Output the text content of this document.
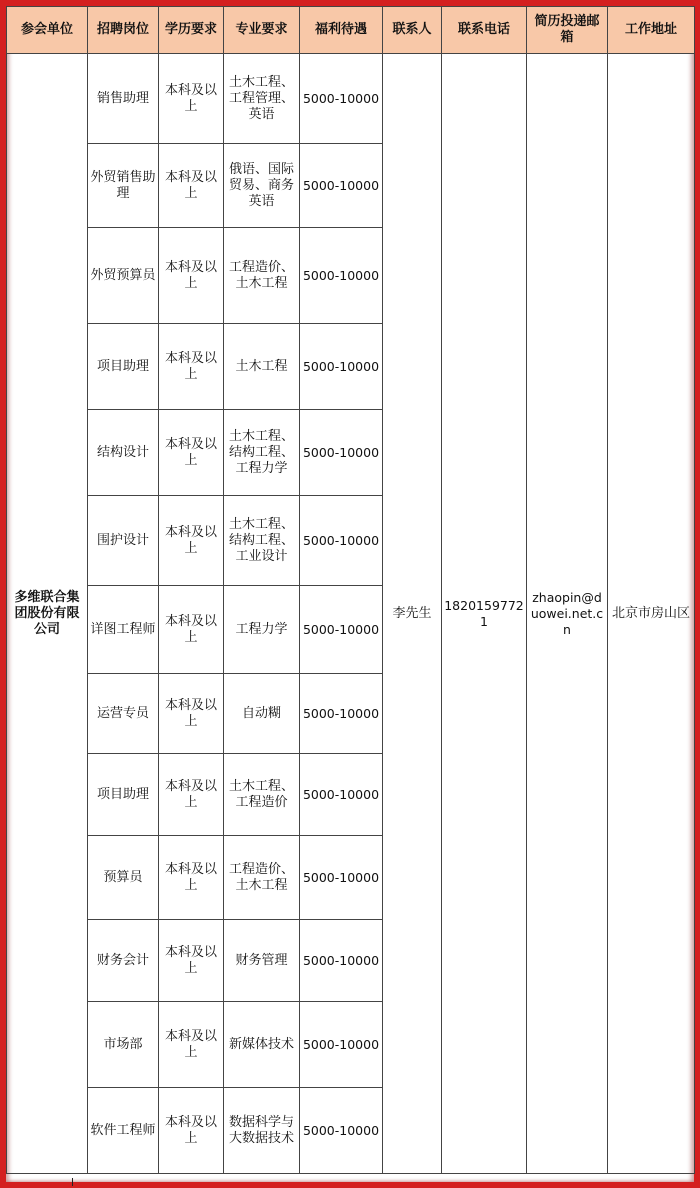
参会单位	招聘岗位	学历要求	专业要求	福利待遇	联系人	联系电话	简历投递邮箱	工作地址
多维联合集团股份有限公司	销售助理	本科及以上	土木工程、工程管理、英语	5000-10000	李先生	18201597721	zhaopin@duowei.net.cn	北京市房山区
	外贸销售助理	本科及以上	俄语、国际贸易、商务英语	5000-10000				
	外贸预算员	本科及以上	工程造价、土木工程	5000-10000				
	项目助理	本科及以上	土木工程	5000-10000				
	结构设计	本科及以上	土木工程、结构工程、工程力学	5000-10000				
	围护设计	本科及以上	土木工程、结构工程、工业设计	5000-10000				
	详图工程师	本科及以上	工程力学	5000-10000				
	运营专员	本科及以上	自动糊	5000-10000				
	项目助理	本科及以上	土木工程、工程造价	5000-10000				
	预算员	本科及以上	工程造价、土木工程	5000-10000				
	财务会计	本科及以上	财务管理	5000-10000				
	市场部	本科及以上	新媒体技术	5000-10000				
	软件工程师	本科及以上	数据科学与大数据技术	5000-10000				
